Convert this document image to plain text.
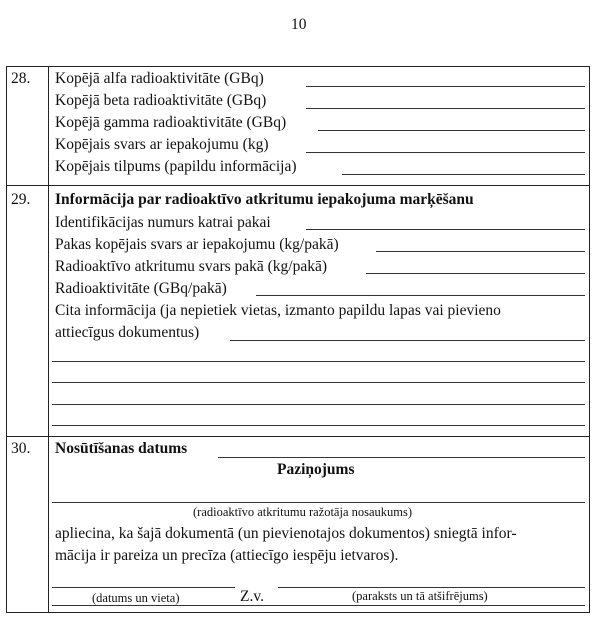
10
28. Kopējā alfa radioaktivitāte (GBq)
Kopējā beta radioaktivitāte (GBq)
Kopējā gamma radioaktivitāte (GBq)
Kopējais svars ar iepakojumu (kg)
Kopējais tilpums (papildu informācija)
29. Informācija par radioaktīvo atkritumu iepakojuma marķēšanu
Identifikācijas numurs katrai pakai
Pakas kopējais svars ar iepakojumu (kg/pakā)
Radioaktīvo atkritumu svars pakā (kg/pakā)
Radioaktivitāte (GBq/pakā)
Cita informācija (ja nepietiek vietas, izmanto papildu lapas vai pievieno
attiecīgus dokumentus)
30. Nosūtīšanas datums
Paziņojums
(radioaktīvo atkritumu ražotāja nosaukums)
apliecina, ka šajā dokumentā (un pievienotajos dokumentos) sniegtā infor-
mācija ir pareiza un precīza (attiecīgo iespēju ietvaros).
(datums un vieta)	Z.v.	(paraksts un tā atšifrējums)
